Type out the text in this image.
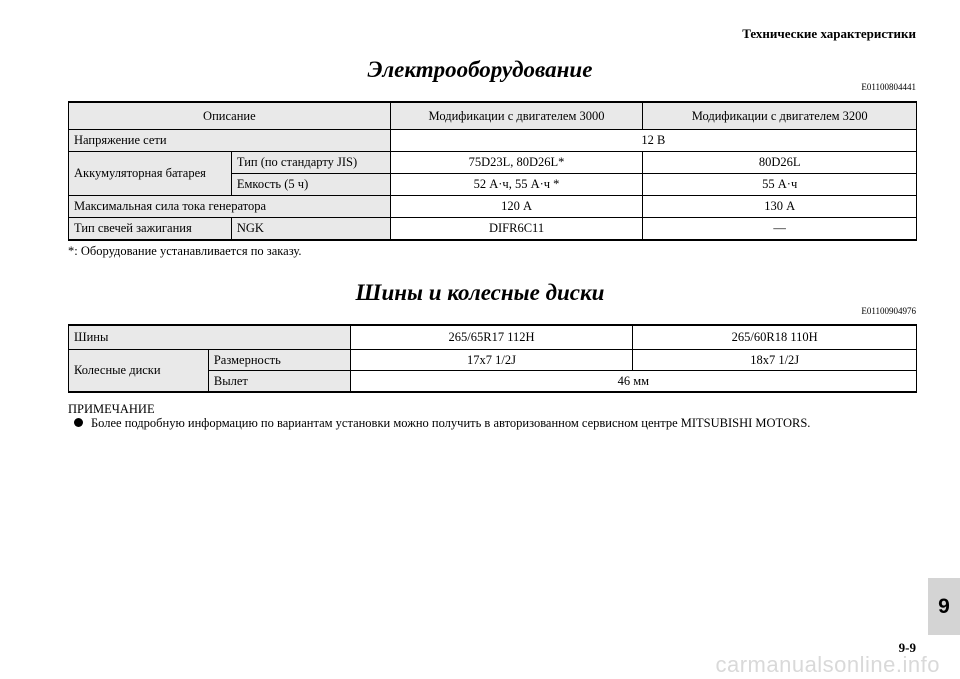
Технические характеристики
Электрооборудование
E01100804441
Описание		Модификации с двигателем 3000	Модификации с двигателем 3200
Напряжение сети		12 В	
Аккумуляторная батарея	Тип (по стандарту JIS)	75D23L, 80D26L*	80D26L
	Емкость (5 ч)	52 А·ч, 55 А·ч *	55 А·ч
Максимальная сила тока генератора		120 А	130 А
Тип свечей зажигания	NGK	DIFR6C11	—
*: Оборудование устанавливается по заказу.
Шины и колесные диски
E01100904976
Шины		265/65R17 112H	265/60R18 110H
Колесные диски	Размерность	17x7 1/2J	18x7 1/2J
	Вылет	46 мм	
ПРИМЕЧАНИЕ
Более подробную информацию по вариантам установки можно получить в авторизованном сервисном центре MITSUBISHI MOTORS.
9
9-9
carmanualsonline.info
